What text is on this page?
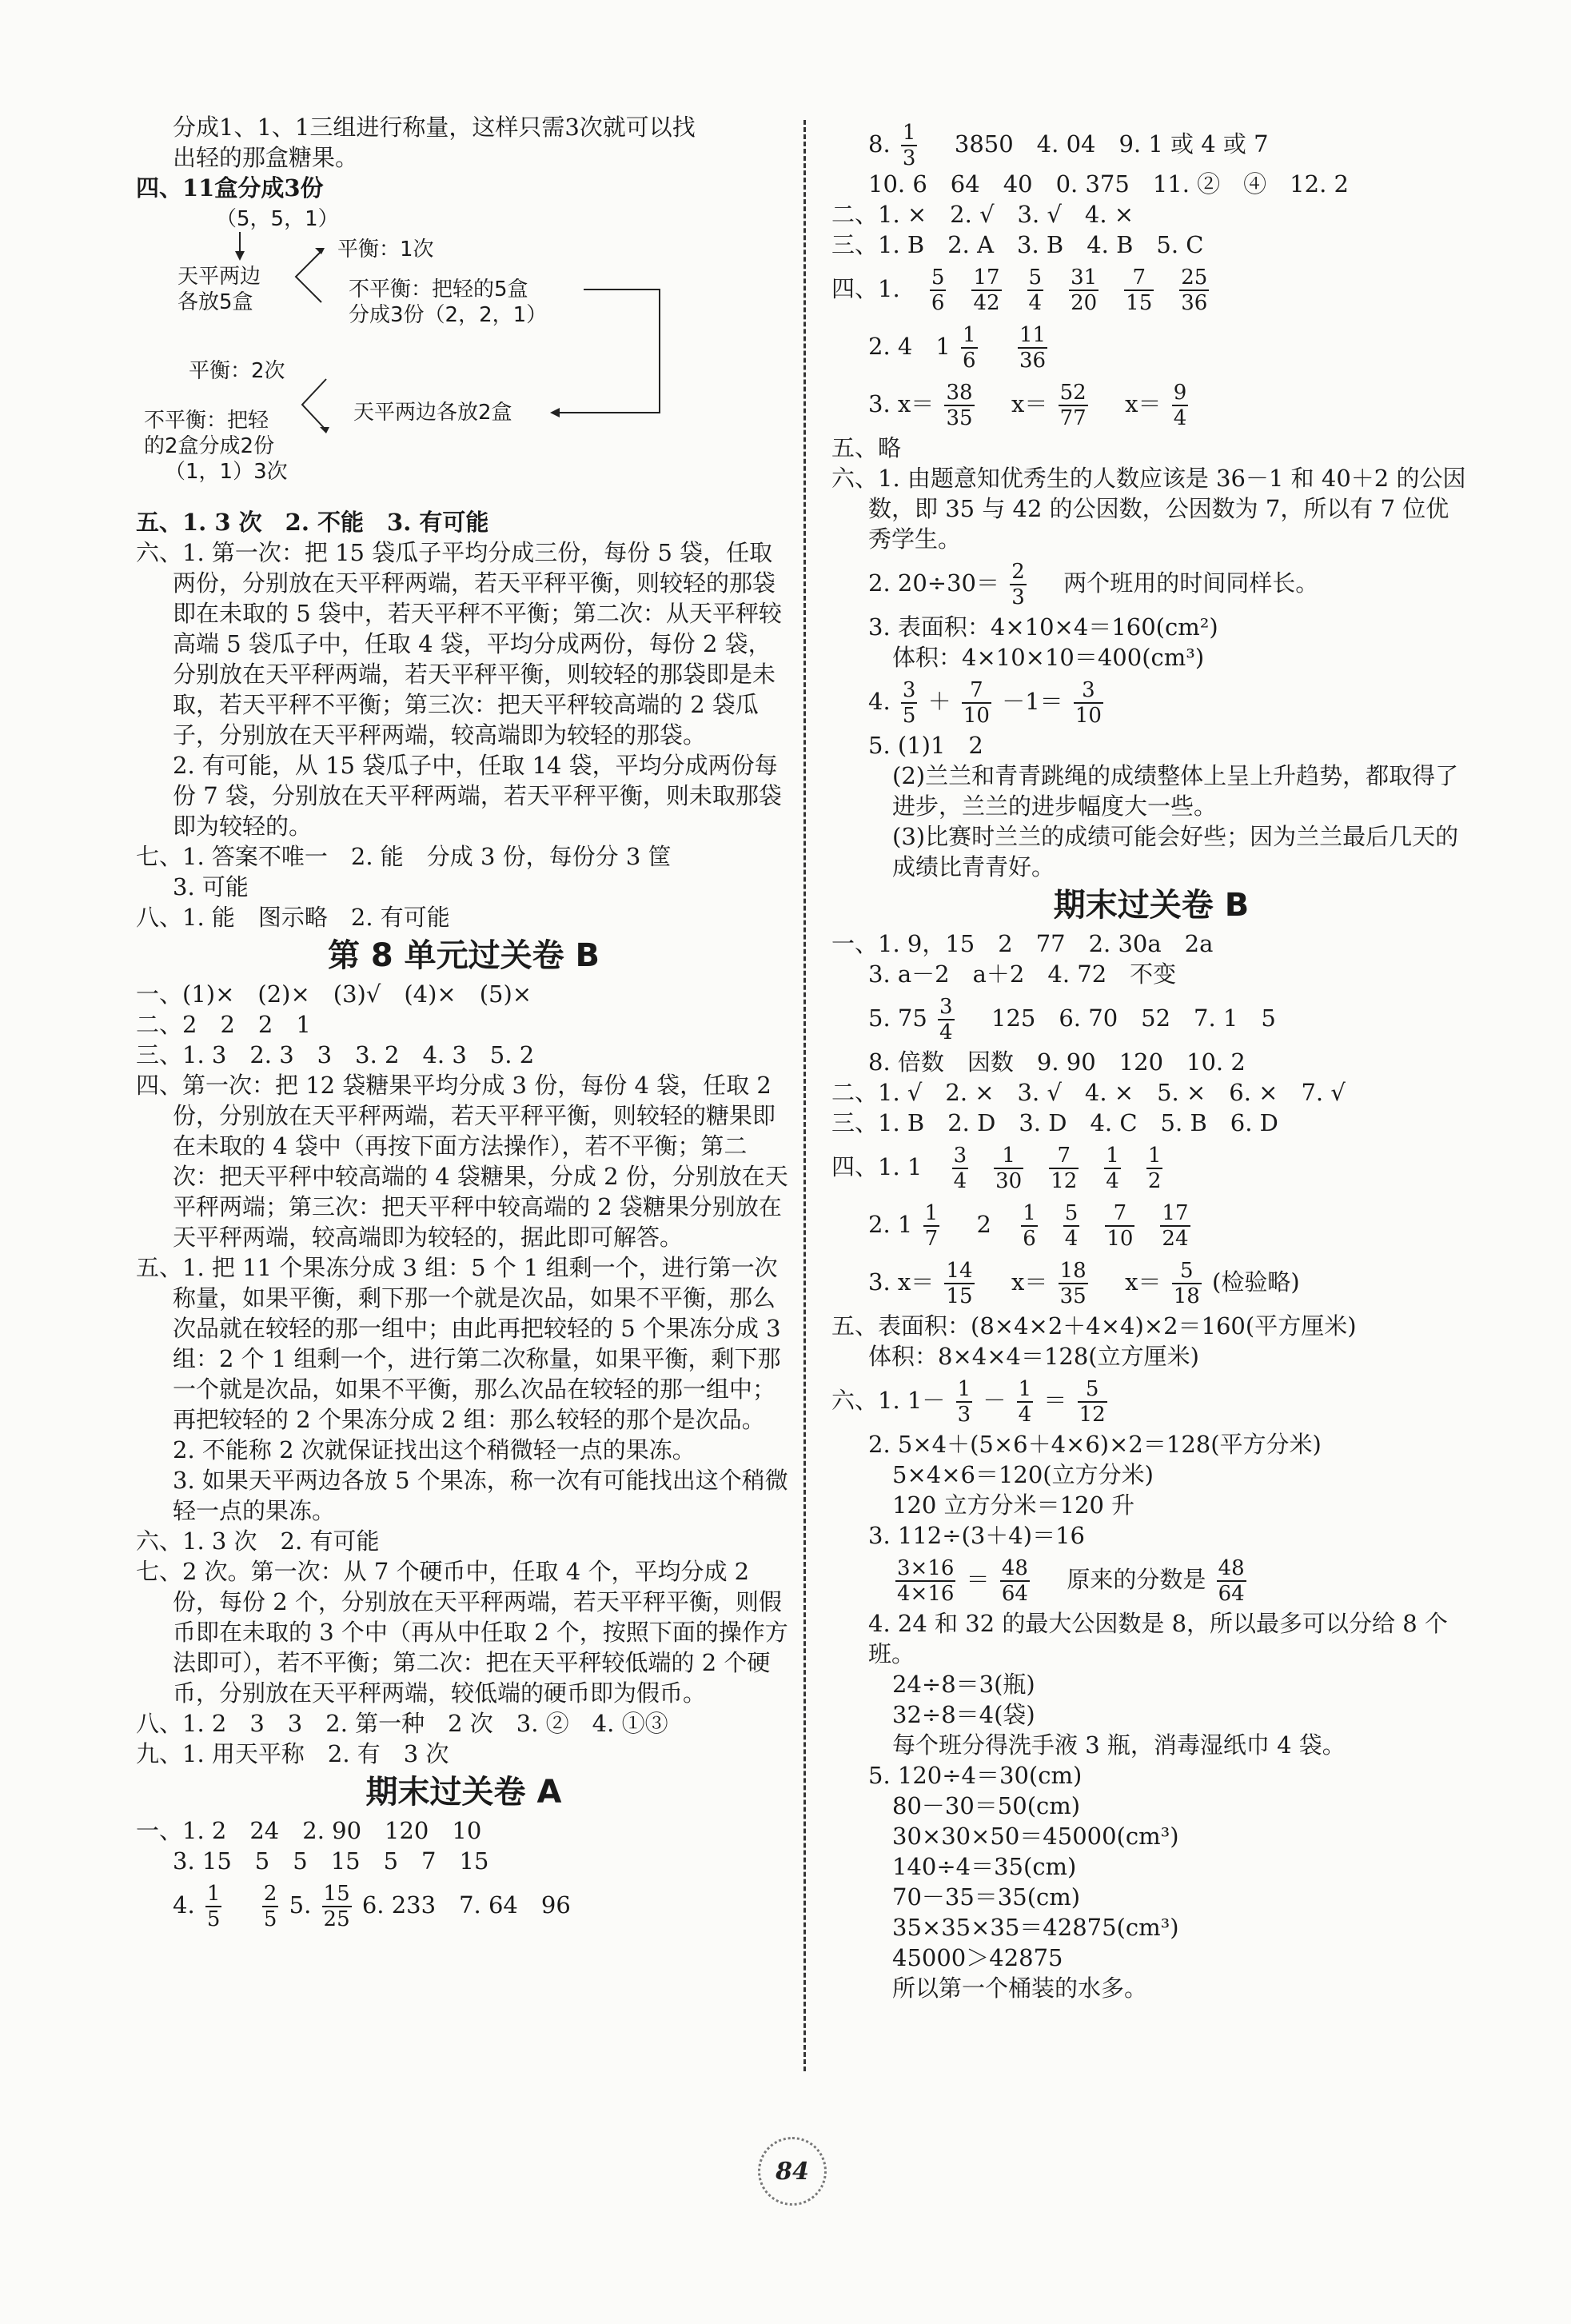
分成1、1、1三组进行称量，这样只需3次就可以找

出轻的那盒糖果。

四、11盒分成3份

（5，5，1）
平衡：1次
天平两边
各放5盒
不平衡：把轻的5盒
分成3份（2，2，1）
平衡：2次
天平两边各放2盒
不平衡：把轻
的2盒分成2份
（1，1）3次

五、1. 3 次　2. 不能　3. 有可能

六、1. 第一次：把 15 袋瓜子平均分成三份，每份 5 袋，任取两份，分别放在天平秤两端，若天平秤平衡，则较轻的那袋即在未取的 5 袋中，若天平秤不平衡；第二次：从天平秤较高端 5 袋瓜子中，任取 4 袋，平均分成两份，每份 2 袋，分别放在天平秤两端，若天平秤平衡，则较轻的那袋即是未取，若天平秤不平衡；第三次：把天平秤较高端的 2 袋瓜子，分别放在天平秤两端，较高端即为较轻的那袋。

2. 有可能，从 15 袋瓜子中，任取 14 袋，平均分成两份每份 7 袋，分别放在天平秤两端，若天平秤平衡，则未取那袋即为较轻的。

七、1. 答案不唯一　2. 能　分成 3 份，每份分 3 筐

3. 可能

八、1. 能　图示略　2. 有可能

第 8 单元过关卷 B

一、(1)×　(2)×　(3)√　(4)×　(5)×

二、2　2　2　1

三、1. 3　2. 3　3　3. 2　4. 3　5. 2

四、第一次：把 12 袋糖果平均分成 3 份，每份 4 袋，任取 2 份，分别放在天平秤两端，若天平秤平衡，则较轻的糖果即在未取的 4 袋中（再按下面方法操作），若不平衡；第二次：把天平秤中较高端的 4 袋糖果，分成 2 份，分别放在天平秤两端；第三次：把天平秤中较高端的 2 袋糖果分别放在天平秤两端，较高端即为较轻的，据此即可解答。

五、1. 把 11 个果冻分成 3 组：5 个 1 组剩一个，进行第一次称量，如果平衡，剩下那一个就是次品，如果不平衡，那么次品就在较轻的那一组中；由此再把较轻的 5 个果冻分成 3 组：2 个 1 组剩一个，进行第二次称量，如果平衡，剩下那一个就是次品，如果不平衡，那么次品在较轻的那一组中；再把较轻的 2 个果冻分成 2 组：那么较轻的那个是次品。

2. 不能称 2 次就保证找出这个稍微轻一点的果冻。

3. 如果天平两边各放 5 个果冻，称一次有可能找出这个稍微轻一点的果冻。

六、1. 3 次　2. 有可能

七、2 次。第一次：从 7 个硬币中，任取 4 个，平均分成 2 份，每份 2 个，分别放在天平秤两端，若天平秤平衡，则假币即在未取的 3 个中（再从中任取 2 个，按照下面的操作方法即可），若不平衡；第二次：把在天平秤较低端的 2 个硬币，分别放在天平秤两端，较低端的硬币即为假币。

八、1. 2　3　3　2. 第一种　2 次　3. ②　4. ①③

九、1. 用天平称　2. 有　3 次

期末过关卷 A

一、1. 2　24　2. 90　120　10

3. 15　5　5　15　5　7　15

4. $\frac{1}{5}$
$\frac{2}{5} 5$. $\frac{15}{25} 6$. 233　7. 64　96

8. $\frac{1}{3} 3850$　4. 04　9. 1 或 4 或 7

10. 6　64　40　0. 375　11. ②　④　12. 2

二、1. ×　2. √　3. √　4. ×

三、1. B　2. A　3. B　4. B　5. C

四、1. $\frac{5}{6} \frac{17}{42} \frac{5}{4} \frac{31}{20} \frac{7}{15} \frac{25}{36}$

2. 4　$1 \frac{1}{6}$
$\frac{11}{36}$

3. $x= \frac{38}{35} x= \frac{52}{77} x= \frac{9}{4}$

五、略

六、1. 由题意知优秀生的人数应该是 36－1 和 40＋2 的公因数，即 35 与 42 的公因数，公因数为 7，所以有 7 位优秀学生。

2. $20\div 30= \frac{2}{3}$ 两个班用的时间同样长。

3. 表面积：4×10×4＝160(cm²)

体积：4×10×10＝400(cm³)

4. $\frac{3}{5} + \frac{7}{10} -1= \frac{3}{10}$

5. (1)1　2

(2)兰兰和青青跳绳的成绩整体上呈上升趋势，都取得了进步，兰兰的进步幅度大一些。

(3)比赛时兰兰的成绩可能会好些；因为兰兰最后几天的成绩比青青好。

期末过关卷 B

一、1. 9，15　2　77　2. 30a　2a

3. a－2　a＋2　4. 72　不变

5. $75 \frac{3}{4} 125$　6. 70　52　7. 1　5

8. 倍数　因数　9. 90　120　10. 2

二、1. √　2. ×　3. √　4. ×　5. ×　6. ×　7. √

三、1. B　2. D　3. D　4. C　5. B　6. D

四、1. $1 \frac{3}{4} \frac{1}{30} \frac{7}{12} \frac{1}{4} \frac{1}{2}$

2. $1 \frac{1}{7} 2 \frac{1}{6} \frac{5}{4} \frac{7}{10} \frac{17}{24}$

3. $x= \frac{14}{15} x= \frac{18}{35} x= \frac{5}{18}$ (检验略)

五、表面积：(8×4×2＋4×4)×2＝160(平方厘米)

体积：8×4×4＝128(立方厘米)

六、1. $1- \frac{1}{3} - \frac{1}{4} = \frac{5}{12}$

2. 5×4＋(5×6＋4×6)×2＝128(平方分米)

5×4×6＝120(立方分米)

120 立方分米＝120 升

3. 112÷(3＋4)＝16

$\frac{3\times 16}{4\times 16} = \frac{48}{64}$ 原来的分数是 $\frac{48}{64}$

4. 24 和 32 的最大公因数是 8，所以最多可以分给 8 个班。

24÷8＝3(瓶)

32÷8＝4(袋)

每个班分得洗手液 3 瓶，消毒湿纸巾 4 袋。

5. 120÷4＝30(cm)

80－30＝50(cm)

30×30×50＝45000(cm³)

140÷4＝35(cm)

70－35＝35(cm)

35×35×35＝42875(cm³)

45000＞42875

所以第一个桶装的水多。

84
